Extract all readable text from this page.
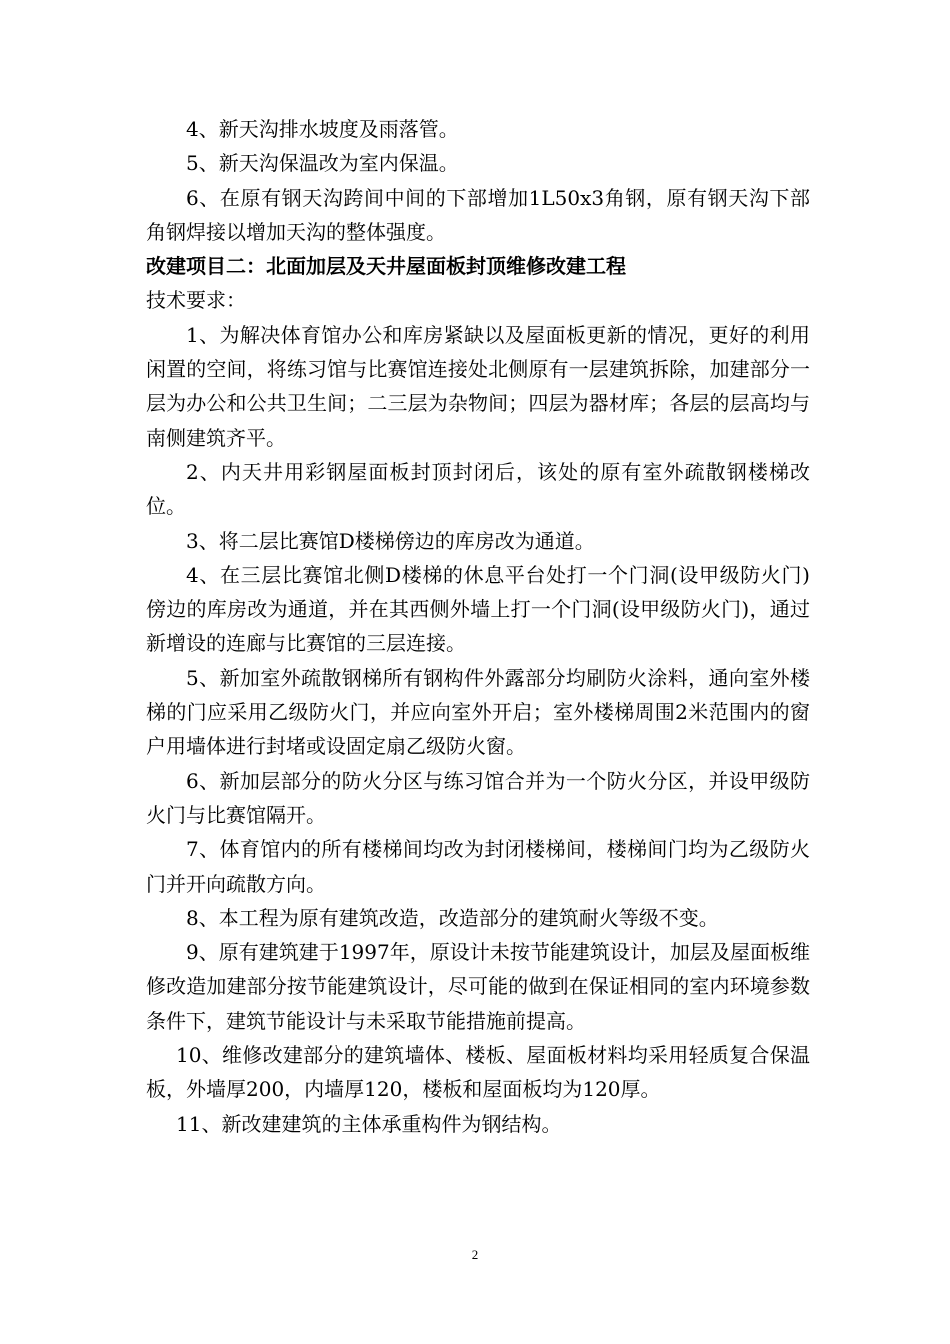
4、新天沟排水坡度及雨落管。

5、新天沟保温改为室内保温。

6、在原有钢天沟跨间中间的下部增加1L50x3角钢，原有钢天沟下部角钢焊接以增加天沟的整体强度。

改建项目二：北面加层及天井屋面板封顶维修改建工程

技术要求：

1、为解决体育馆办公和库房紧缺以及屋面板更新的情况，更好的利用闲置的空间，将练习馆与比赛馆连接处北侧原有一层建筑拆除，加建部分一层为办公和公共卫生间；二三层为杂物间；四层为器材库；各层的层高均与南侧建筑齐平。

2、内天井用彩钢屋面板封顶封闭后，该处的原有室外疏散钢楼梯改位。

3、将二层比赛馆D楼梯傍边的库房改为通道。

4、在三层比赛馆北侧D楼梯的休息平台处打一个门洞(设甲级防火门)傍边的库房改为通道，并在其西侧外墙上打一个门洞(设甲级防火门)，通过新增设的连廊与比赛馆的三层连接。

5、新加室外疏散钢梯所有钢构件外露部分均刷防火涂料，通向室外楼梯的门应采用乙级防火门，并应向室外开启；室外楼梯周围2米范围内的窗户用墙体进行封堵或设固定扇乙级防火窗。

6、新加层部分的防火分区与练习馆合并为一个防火分区，并设甲级防火门与比赛馆隔开。

7、体育馆内的所有楼梯间均改为封闭楼梯间，楼梯间门均为乙级防火门并开向疏散方向。

8、本工程为原有建筑改造，改造部分的建筑耐火等级不变。

9、原有建筑建于1997年，原设计未按节能建筑设计，加层及屋面板维修改造加建部分按节能建筑设计，尽可能的做到在保证相同的室内环境参数条件下，建筑节能设计与未采取节能措施前提高。

10、维修改建部分的建筑墙体、楼板、屋面板材料均采用轻质复合保温板，外墙厚200，内墙厚120，楼板和屋面板均为120厚。

11、新改建建筑的主体承重构件为钢结构。

2
